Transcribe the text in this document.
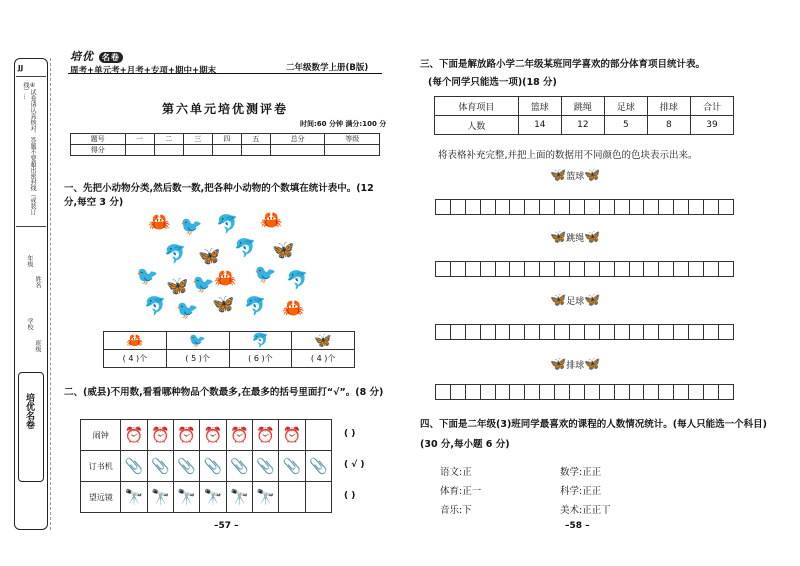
JJ
④试卷请认真核对、答题不要超出密封线（或装订线）...
年级
姓名
学校
班级
培优名卷
培优 名卷
周考+单元考+月考+专项+期中+期末	二年级数学上册(B版)
第六单元培优测评卷
时间:60 分钟 满分:100 分
题号	一	二	三	四	五	总分	等级
得分							
一、先把小动物分类,然后数一数,把各种小动物的个数填在统计表中。(12 分,每空 3 分)
🦀 🐦 🐬 🦀
🐬 🦋 🐬 🦋
🐦 🦋 🦀 🐦 🐬
🐬 🐦 🦋 🐬 🦀
🐦
🦀	🐦	🐬	🦋
( 4 )个	( 5 )个	( 6 )个	( 4 )个
二、(威县)不用数,看看哪种物品个数最多,在最多的括号里面打“√”。(8 分)
闹钟	⏰	⏰	⏰	⏰	⏰	⏰	⏰	
订书机	📎	📎	📎	📎	📎	📎	📎	📎
望远镜	🔭	🔭	🔭	🔭	🔭	🔭		
( )
( √ )
( )
–57 –
三、下面是解放路小学二年级某班同学喜欢的部分体育项目统计表。
(每个同学只能选一项)(18 分)
体育项目	篮球	跳绳	足球	排球	合计
人数	14	12	5	8	39
将表格补充完整,并把上面的数据用不同颜色的色块表示出来。
🦋篮球🦋
🦋跳绳🦋
🦋足球🦋
🦋排球🦋
四、下面是二年级(3)班同学最喜欢的课程的人数情况统计。(每人只能选一个科目)(30 分,每小题 6 分)
语文:正	数学:正正
体育:正一	科学:正正
音乐:下	美术:正正丅
–58 –
